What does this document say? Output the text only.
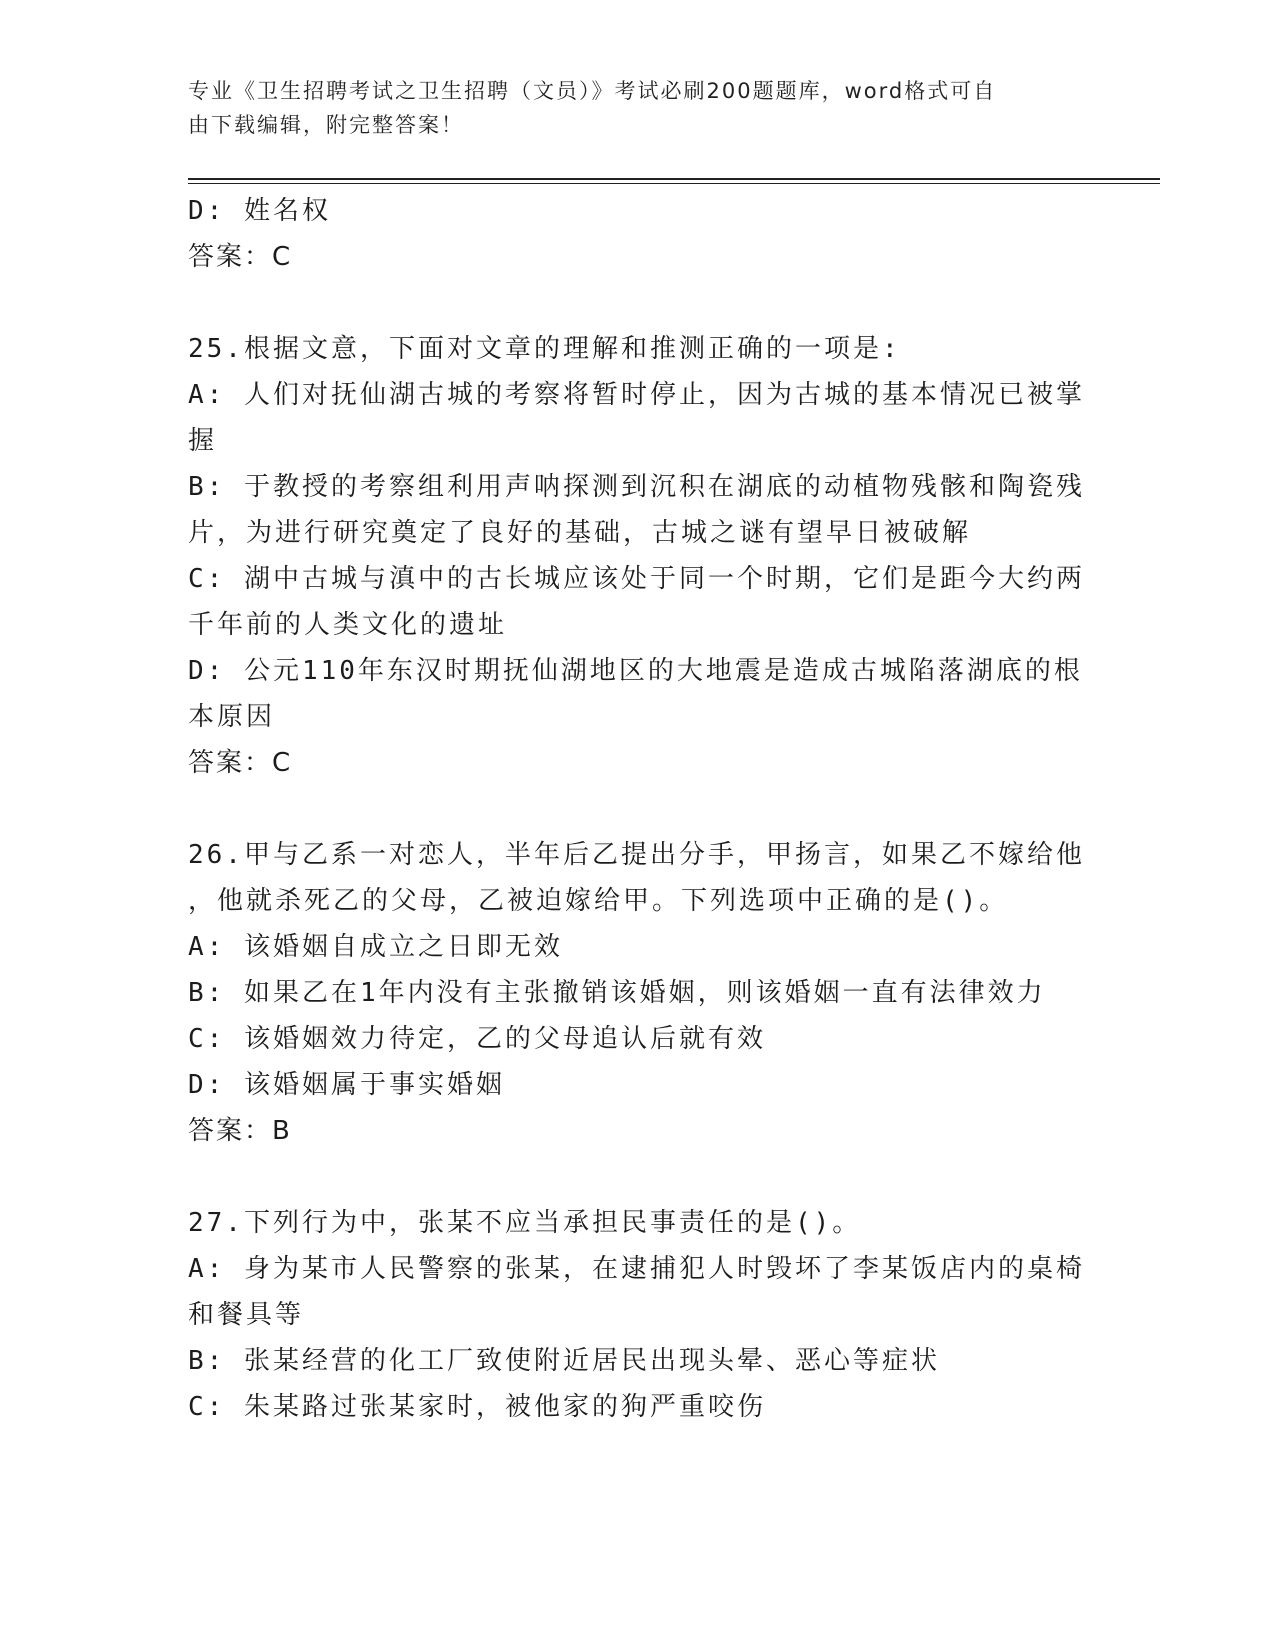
专业《卫生招聘考试之卫生招聘（文员）》考试必刷200题题库，word格式可自
由下载编辑，附完整答案！
D: 姓名权
答案：C
25.根据文意，下面对文章的理解和推测正确的一项是:
A: 人们对抚仙湖古城的考察将暂时停止，因为古城的基本情况已被掌
握
B: 于教授的考察组利用声呐探测到沉积在湖底的动植物残骸和陶瓷残
片，为进行研究奠定了良好的基础，古城之谜有望早日被破解
C: 湖中古城与滇中的古长城应该处于同一个时期，它们是距今大约两
千年前的人类文化的遗址
D: 公元110年东汉时期抚仙湖地区的大地震是造成古城陷落湖底的根
本原因
答案：C
26.甲与乙系一对恋人，半年后乙提出分手，甲扬言，如果乙不嫁给他
，他就杀死乙的父母，乙被迫嫁给甲。下列选项中正确的是()。
A: 该婚姻自成立之日即无效
B: 如果乙在1年内没有主张撤销该婚姻，则该婚姻一直有法律效力
C: 该婚姻效力待定，乙的父母追认后就有效
D: 该婚姻属于事实婚姻
答案：B
27.下列行为中，张某不应当承担民事责任的是()。
A: 身为某市人民警察的张某，在逮捕犯人时毁坏了李某饭店内的桌椅
和餐具等
B: 张某经营的化工厂致使附近居民出现头晕、恶心等症状
C: 朱某路过张某家时，被他家的狗严重咬伤
